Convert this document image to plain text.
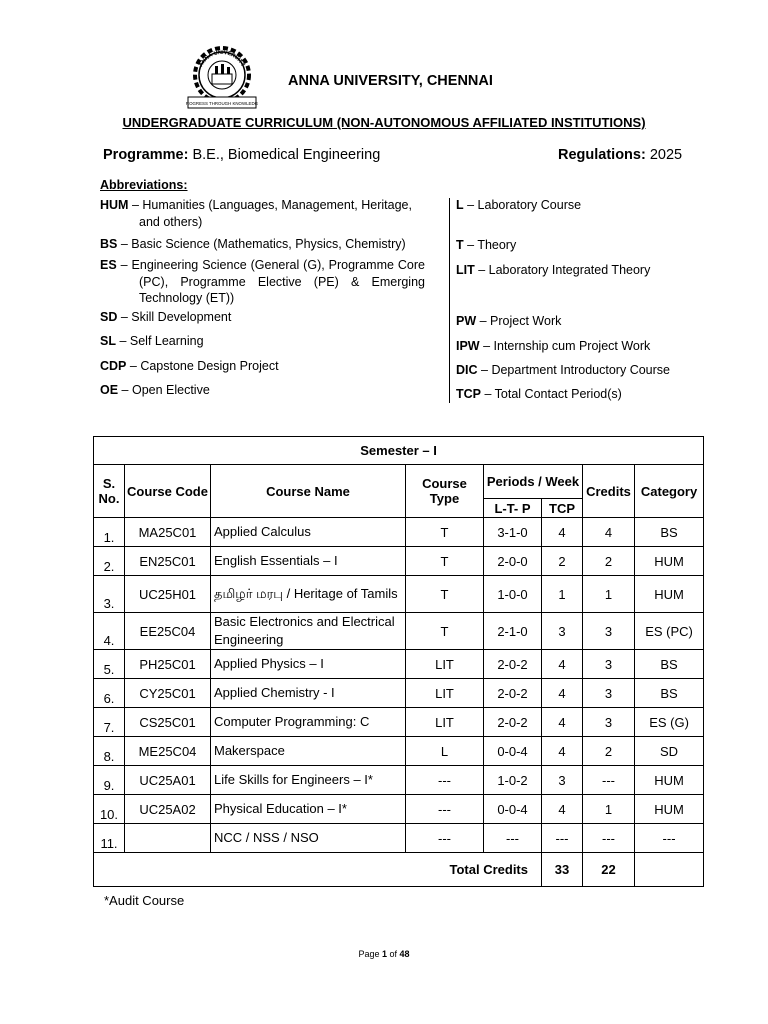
ANNA UNIVERSITY
PROGRESS THROUGH KNOWLEDGE
ANNA UNIVERSITY, CHENNAI
UNDERGRADUATE CURRICULUM (NON-AUTONOMOUS AFFILIATED INSTITUTIONS)
Programme: B.E., Biomedical Engineering	Regulations: 2025
Abbreviations:
HUM – Humanities (Languages, Management, Heritage, and others)
BS – Basic Science (Mathematics, Physics, Chemistry)
ES – Engineering Science (General (G), Programme Core (PC), Programme Elective (PE) & Emerging Technology (ET))
SD – Skill Development
SL – Self Learning
CDP – Capstone Design Project
OE – Open Elective
L – Laboratory Course
T – Theory
LIT – Laboratory Integrated Theory
PW – Project Work
IPW – Internship cum Project Work
DIC – Department Introductory Course
TCP – Total Contact Period(s)
Semester – I							
S. No.	Course Code	Course Name	Course Type	Periods / Week		Credits	Category
				L-T- P	TCP		
1.	MA25C01	Applied Calculus	T	3-1-0	4	4	BS
2.	EN25C01	English Essentials – I	T	2-0-0	2	2	HUM
3.	UC25H01	தமிழர் மரபு / Heritage of Tamils	T	1-0-0	1	1	HUM
4.	EE25C04	Basic Electronics and Electrical Engineering	T	2-1-0	3	3	ES (PC)
5.	PH25C01	Applied Physics – I	LIT	2-0-2	4	3	BS
6.	CY25C01	Applied Chemistry - I	LIT	2-0-2	4	3	BS
7.	CS25C01	Computer Programming: C	LIT	2-0-2	4	3	ES (G)
8.	ME25C04	Makerspace	L	0-0-4	4	2	SD
9.	UC25A01	Life Skills for Engineers – I*	---	1-0-2	3	---	HUM
10.	UC25A02	Physical Education – I*	---	0-0-4	4	1	HUM
11.		NCC / NSS / NSO	---	---	---	---	---
Total Credits					33	22	
*Audit Course
Page 1 of 48
